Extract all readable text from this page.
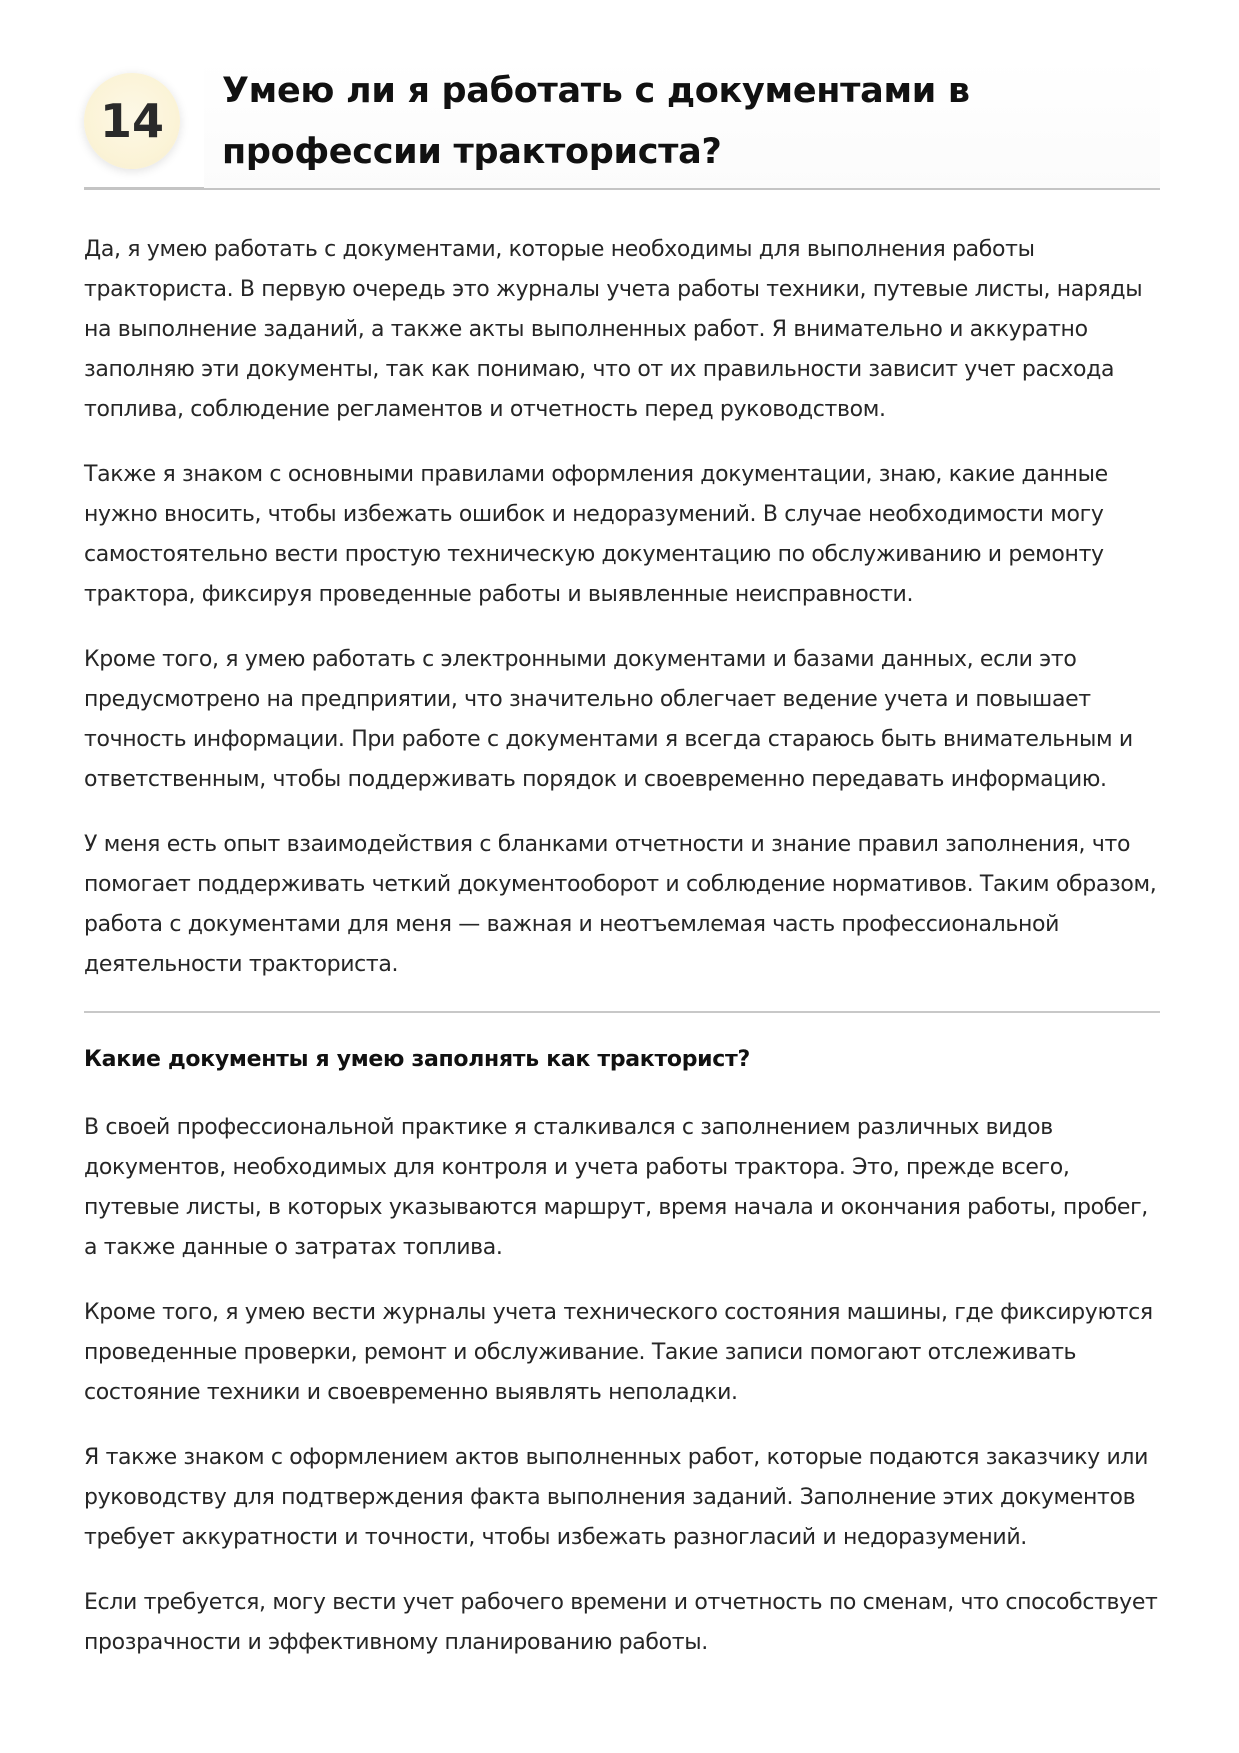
14
Умею ли я работать с документами в профессии тракториста?

Да, я умею работать с документами, которые необходимы для выполнения работы тракториста. В первую очередь это журналы учета работы техники, путевые листы, наряды на выполнение заданий, а также акты выполненных работ. Я внимательно и аккуратно заполняю эти документы, так как понимаю, что от их правильности зависит учет расхода топлива, соблюдение регламентов и отчетность перед руководством.

Также я знаком с основными правилами оформления документации, знаю, какие данные нужно вносить, чтобы избежать ошибок и недоразумений. В случае необходимости могу самостоятельно вести простую техническую документацию по обслуживанию и ремонту трактора, фиксируя проведенные работы и выявленные неисправности.

Кроме того, я умею работать с электронными документами и базами данных, если это предусмотрено на предприятии, что значительно облегчает ведение учета и повышает точность информации. При работе с документами я всегда стараюсь быть внимательным и ответственным, чтобы поддерживать порядок и своевременно передавать информацию.

У меня есть опыт взаимодействия с бланками отчетности и знание правил заполнения, что помогает поддерживать четкий документооборот и соблюдение нормативов. Таким образом, работа с документами для меня — важная и неотъемлемая часть профессиональной деятельности тракториста.

Какие документы я умею заполнять как тракторист?

В своей профессиональной практике я сталкивался с заполнением различных видов документов, необходимых для контроля и учета работы трактора. Это, прежде всего, путевые листы, в которых указываются маршрут, время начала и окончания работы, пробег, а также данные о затратах топлива.

Кроме того, я умею вести журналы учета технического состояния машины, где фиксируются проведенные проверки, ремонт и обслуживание. Такие записи помогают отслеживать состояние техники и своевременно выявлять неполадки.

Я также знаком с оформлением актов выполненных работ, которые подаются заказчику или руководству для подтверждения факта выполнения заданий. Заполнение этих документов требует аккуратности и точности, чтобы избежать разногласий и недоразумений.

Если требуется, могу вести учет рабочего времени и отчетность по сменам, что способствует прозрачности и эффективному планированию работы.
